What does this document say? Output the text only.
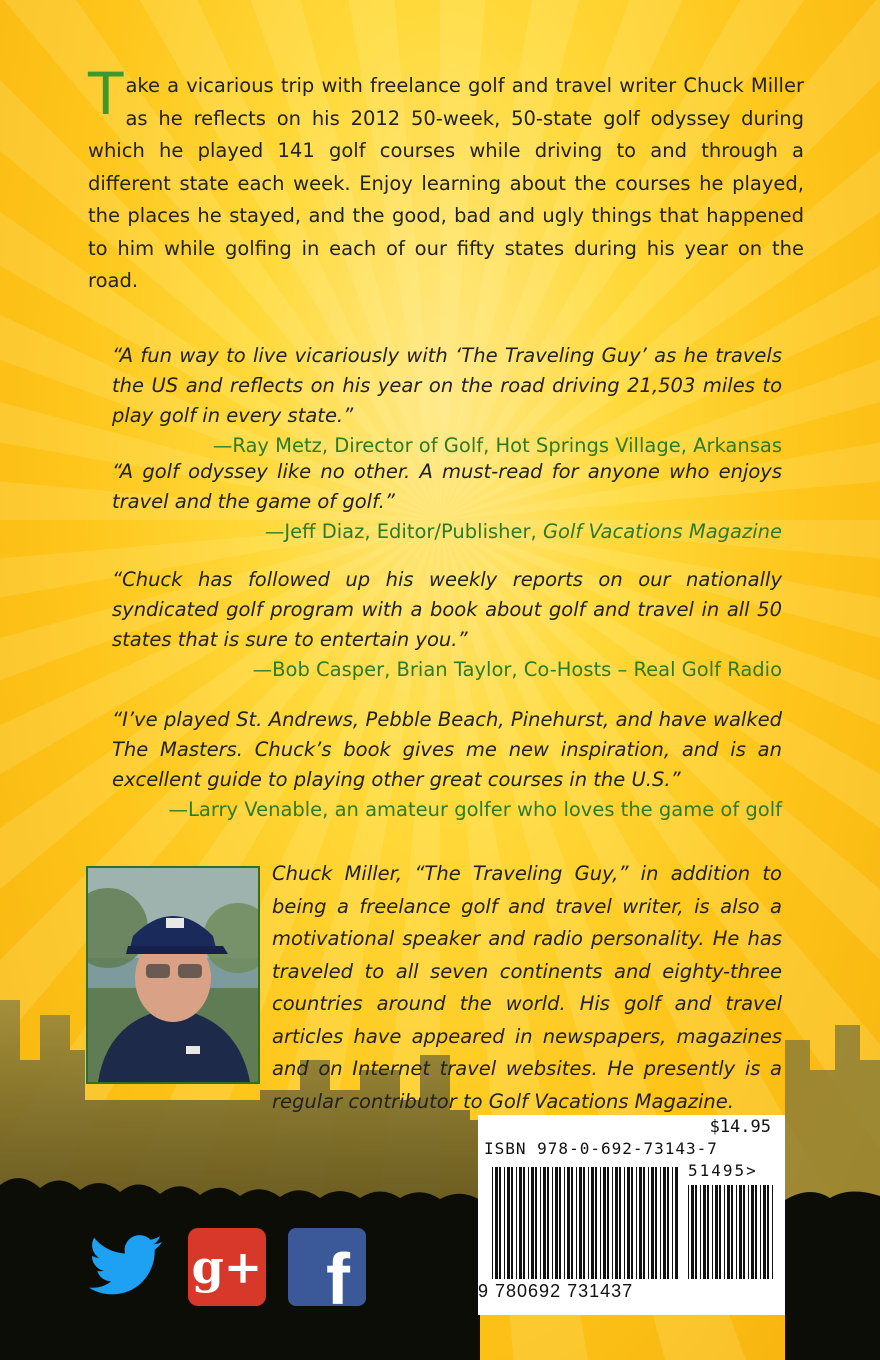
T ake a vicarious trip with freelance golf and travel writer Chuck Miller as he reflects on his 2012 50-week, 50-state golf odyssey during which he played 141 golf courses while driving to and through a different state each week. Enjoy learning about the courses he played, the places he stayed, and the good, bad and ugly things that happened to him while golfing in each of our fifty states during his year on the road.
“A fun way to live vicariously with ‘The Traveling Guy’ as he travels the US and reflects on his year on the road driving 21,503 miles to play golf in every state.”
—Ray Metz, Director of Golf, Hot Springs Village, Arkansas
“A golf odyssey like no other. A must-read for anyone who enjoys travel and the game of golf.”
—Jeff Diaz, Editor/Publisher, Golf Vacations Magazine
“Chuck has followed up his weekly reports on our nationally syndicated golf program with a book about golf and travel in all 50 states that is sure to entertain you.”
—Bob Casper, Brian Taylor, Co-Hosts – Real Golf Radio
“I’ve played St. Andrews, Pebble Beach, Pinehurst, and have walked The Masters. Chuck’s book gives me new inspiration, and is an excellent guide to playing other great courses in the U.S.”
—Larry Venable, an amateur golfer who loves the game of golf
Chuck Miller, “The Traveling Guy,” in addition to being a freelance golf and travel writer, is also a motivational speaker and radio personality. He has traveled to all seven continents and eighty-three countries around the world. His golf and travel articles have appeared in newspapers, magazines and on Internet travel websites. He presently is a regular contributor to Golf Vacations Magazine.
$14.95
ISBN 978-0-692-73143-7
51495>
9 780692 731437
g+ f
